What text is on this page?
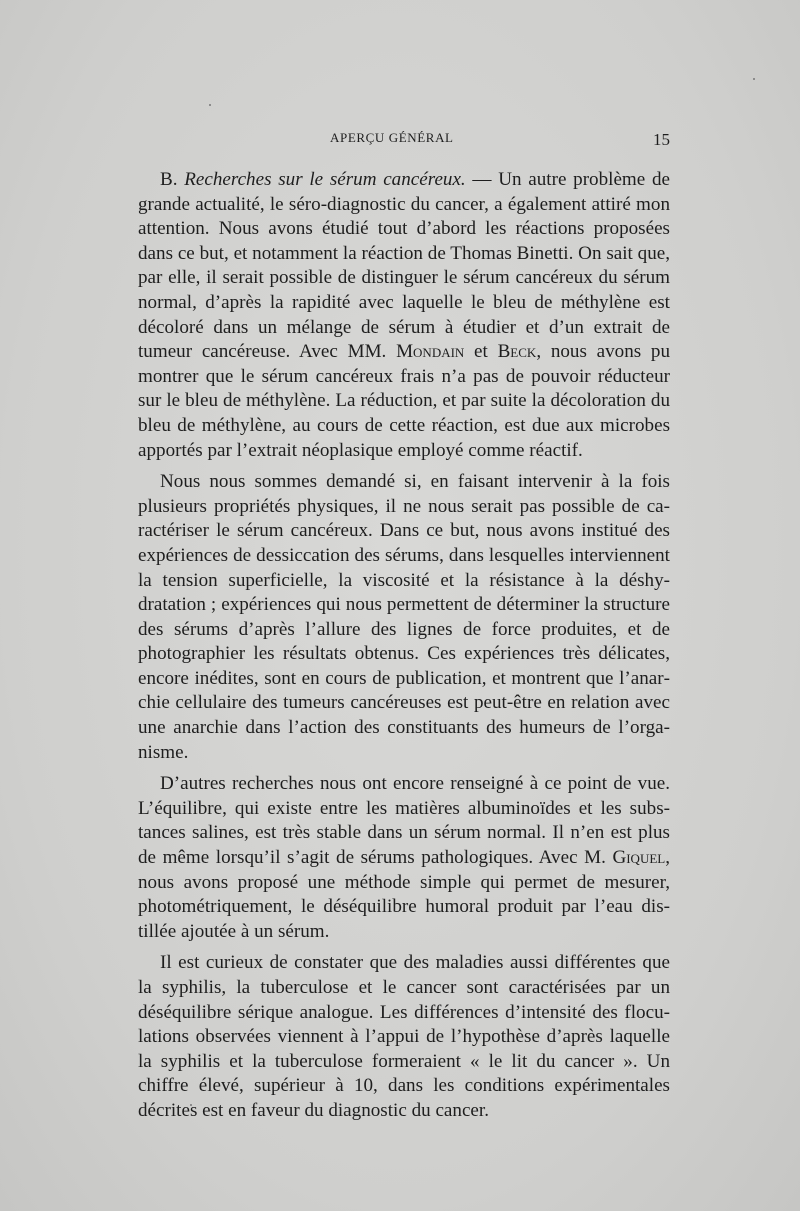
APERÇU GÉNÉRAL	15

B. Recherches sur le sérum cancéreux. — Un autre problème de grande actualité, le séro-diagnostic du cancer, a également attiré mon attention. Nous avons étudié tout d’abord les réactions proposées dans ce but, et notamment la réaction de Thomas Binetti. On sait que, par elle, il serait possible de distinguer le sérum cancéreux du sérum normal, d’après la rapidité avec laquelle le bleu de méthylène est décoloré dans un mélange de sérum à étudier et d’un extrait de tumeur cancéreuse. Avec MM. Mondain et Beck, nous avons pu montrer que le sérum cancéreux frais n’a pas de pouvoir réducteur sur le bleu de méthylène. La réduction, et par suite la décoloration du bleu de méthylène, au cours de cette réaction, est due aux microbes apportés par l’extrait néoplasique employé comme réactif.

Nous nous sommes demandé si, en faisant intervenir à la fois plusieurs propriétés physiques, il ne nous serait pas possible de caractériser le sérum cancéreux. Dans ce but, nous avons institué des expériences de dessiccation des sérums, dans lesquelles interviennent la tension superficielle, la viscosité et la résistance à la déshydratation ; expériences qui nous permettent de déterminer la structure des sérums d’après l’allure des lignes de force produites, et de photographier les résultats obtenus. Ces expériences très délicates, encore inédites, sont en cours de publication, et montrent que l’anarchie cellulaire des tumeurs cancéreuses est peut-être en relation avec une anarchie dans l’action des constituants des humeurs de l’organisme.

D’autres recherches nous ont encore renseigné à ce point de vue. L’équilibre, qui existe entre les matières albuminoïdes et les substances salines, est très stable dans un sérum normal. Il n’en est plus de même lorsqu’il s’agit de sérums pathologiques. Avec M. Giquel, nous avons proposé une méthode simple qui permet de mesurer, photométriquement, le déséquilibre humoral produit par l’eau distillée ajoutée à un sérum.

Il est curieux de constater que des maladies aussi différentes que la syphilis, la tuberculose et le cancer sont caractérisées par un déséquilibre sérique analogue. Les différences d’intensité des floculations observées viennent à l’appui de l’hypothèse d’après laquelle la syphilis et la tuberculose formeraient « le lit du cancer ». Un chiffre élevé, supérieur à 10, dans les conditions expérimentales décrites est en faveur du diagnostic du cancer.
